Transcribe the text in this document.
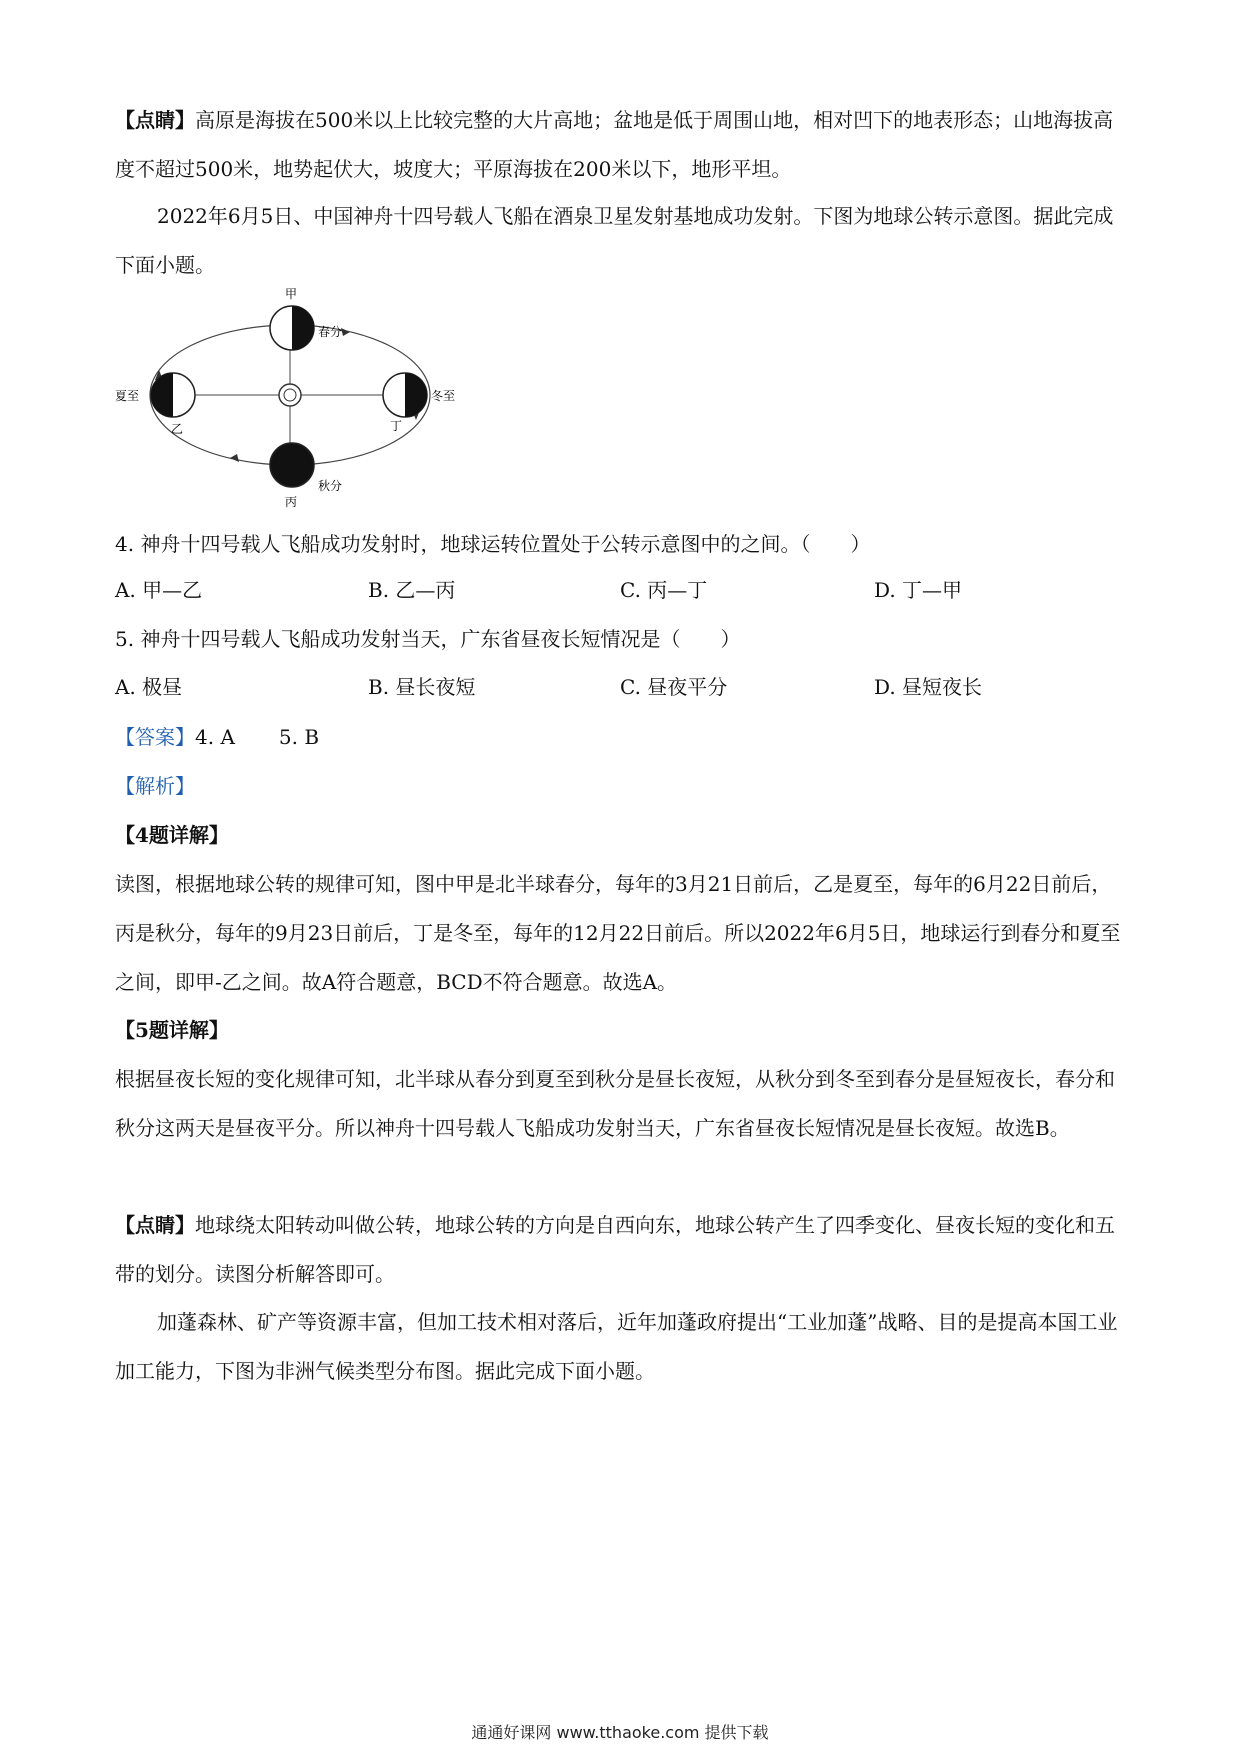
【点睛】高原是海拔在500米以上比较完整的大片高地；盆地是低于周围山地，相对凹下的地表形态；山地海拔高度不超过500米，地势起伏大，坡度大；平原海拔在200米以下，地形平坦。

2022年6月5日、中国神舟十四号载人飞船在酒泉卫星发射基地成功发射。下图为地球公转示意图。据此完成下面小题。

甲
春分
夏至
乙
冬至
丁
秋分
丙

4. 神舟十四号载人飞船成功发射时，地球运转位置处于公转示意图中的之间。（　　）

A. 甲—乙	B. 乙—丙	C. 丙—丁	D. 丁—甲

5. 神舟十四号载人飞船成功发射当天，广东省昼夜长短情况是（　　）

A. 极昼	B. 昼长夜短	C. 昼夜平分	D. 昼短夜长

【答案】4. A 5. B

【解析】

【4题详解】

读图，根据地球公转的规律可知，图中甲是北半球春分，每年的3月21日前后，乙是夏至，每年的6月22日前后，丙是秋分，每年的9月23日前后，丁是冬至，每年的12月22日前后。所以2022年6月5日，地球运行到春分和夏至之间，即甲-乙之间。故A符合题意，BCD不符合题意。故选A。

【5题详解】

根据昼夜长短的变化规律可知，北半球从春分到夏至到秋分是昼长夜短，从秋分到冬至到春分是昼短夜长，春分和秋分这两天是昼夜平分。所以神舟十四号载人飞船成功发射当天，广东省昼夜长短情况是昼长夜短。故选B。

【点睛】地球绕太阳转动叫做公转，地球公转的方向是自西向东，地球公转产生了四季变化、昼夜长短的变化和五带的划分。读图分析解答即可。

加蓬森林、矿产等资源丰富，但加工技术相对落后，近年加蓬政府提出“工业加蓬”战略、目的是提高本国工业加工能力，下图为非洲气候类型分布图。据此完成下面小题。

通通好课网 www.tthaoke.com 提供下载
